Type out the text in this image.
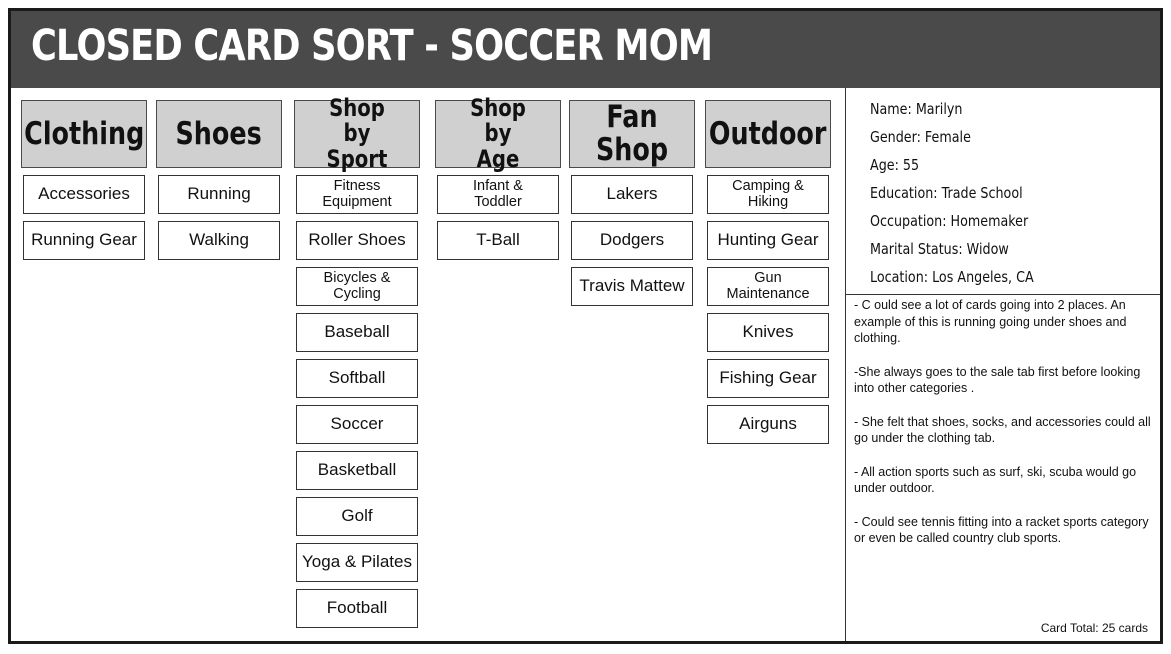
CLOSED CARD SORT - SOCCER MOM
Clothing
Accessories
Running Gear
Shoes
Running
Walking
Shop by Sport
Fitness Equipment
Roller Shoes
Bicycles & Cycling
Baseball
Softball
Soccer
Basketball
Golf
Yoga & Pilates
Football
Shop by Age
Infant & Toddler
T-Ball
Fan Shop
Lakers
Dodgers
Travis Mattew
Outdoor
Camping & Hiking
Hunting Gear
Gun Maintenance
Knives
Fishing Gear
Airguns
Name: Marilyn
Gender: Female
Age: 55
Education: Trade School
Occupation: Homemaker
Marital Status: Widow
Location: Los Angeles, CA

- C ould see a lot of cards going into 2 places. An example of this is running going under shoes and clothing.

-She always goes to the sale tab first before looking into other categories .

- She felt that shoes, socks, and accessories could all go under the clothing tab.

- All action sports such as surf, ski, scuba would go under outdoor.

- Could see tennis fitting into a racket sports category or even be called country club sports.

Card Total: 25 cards
